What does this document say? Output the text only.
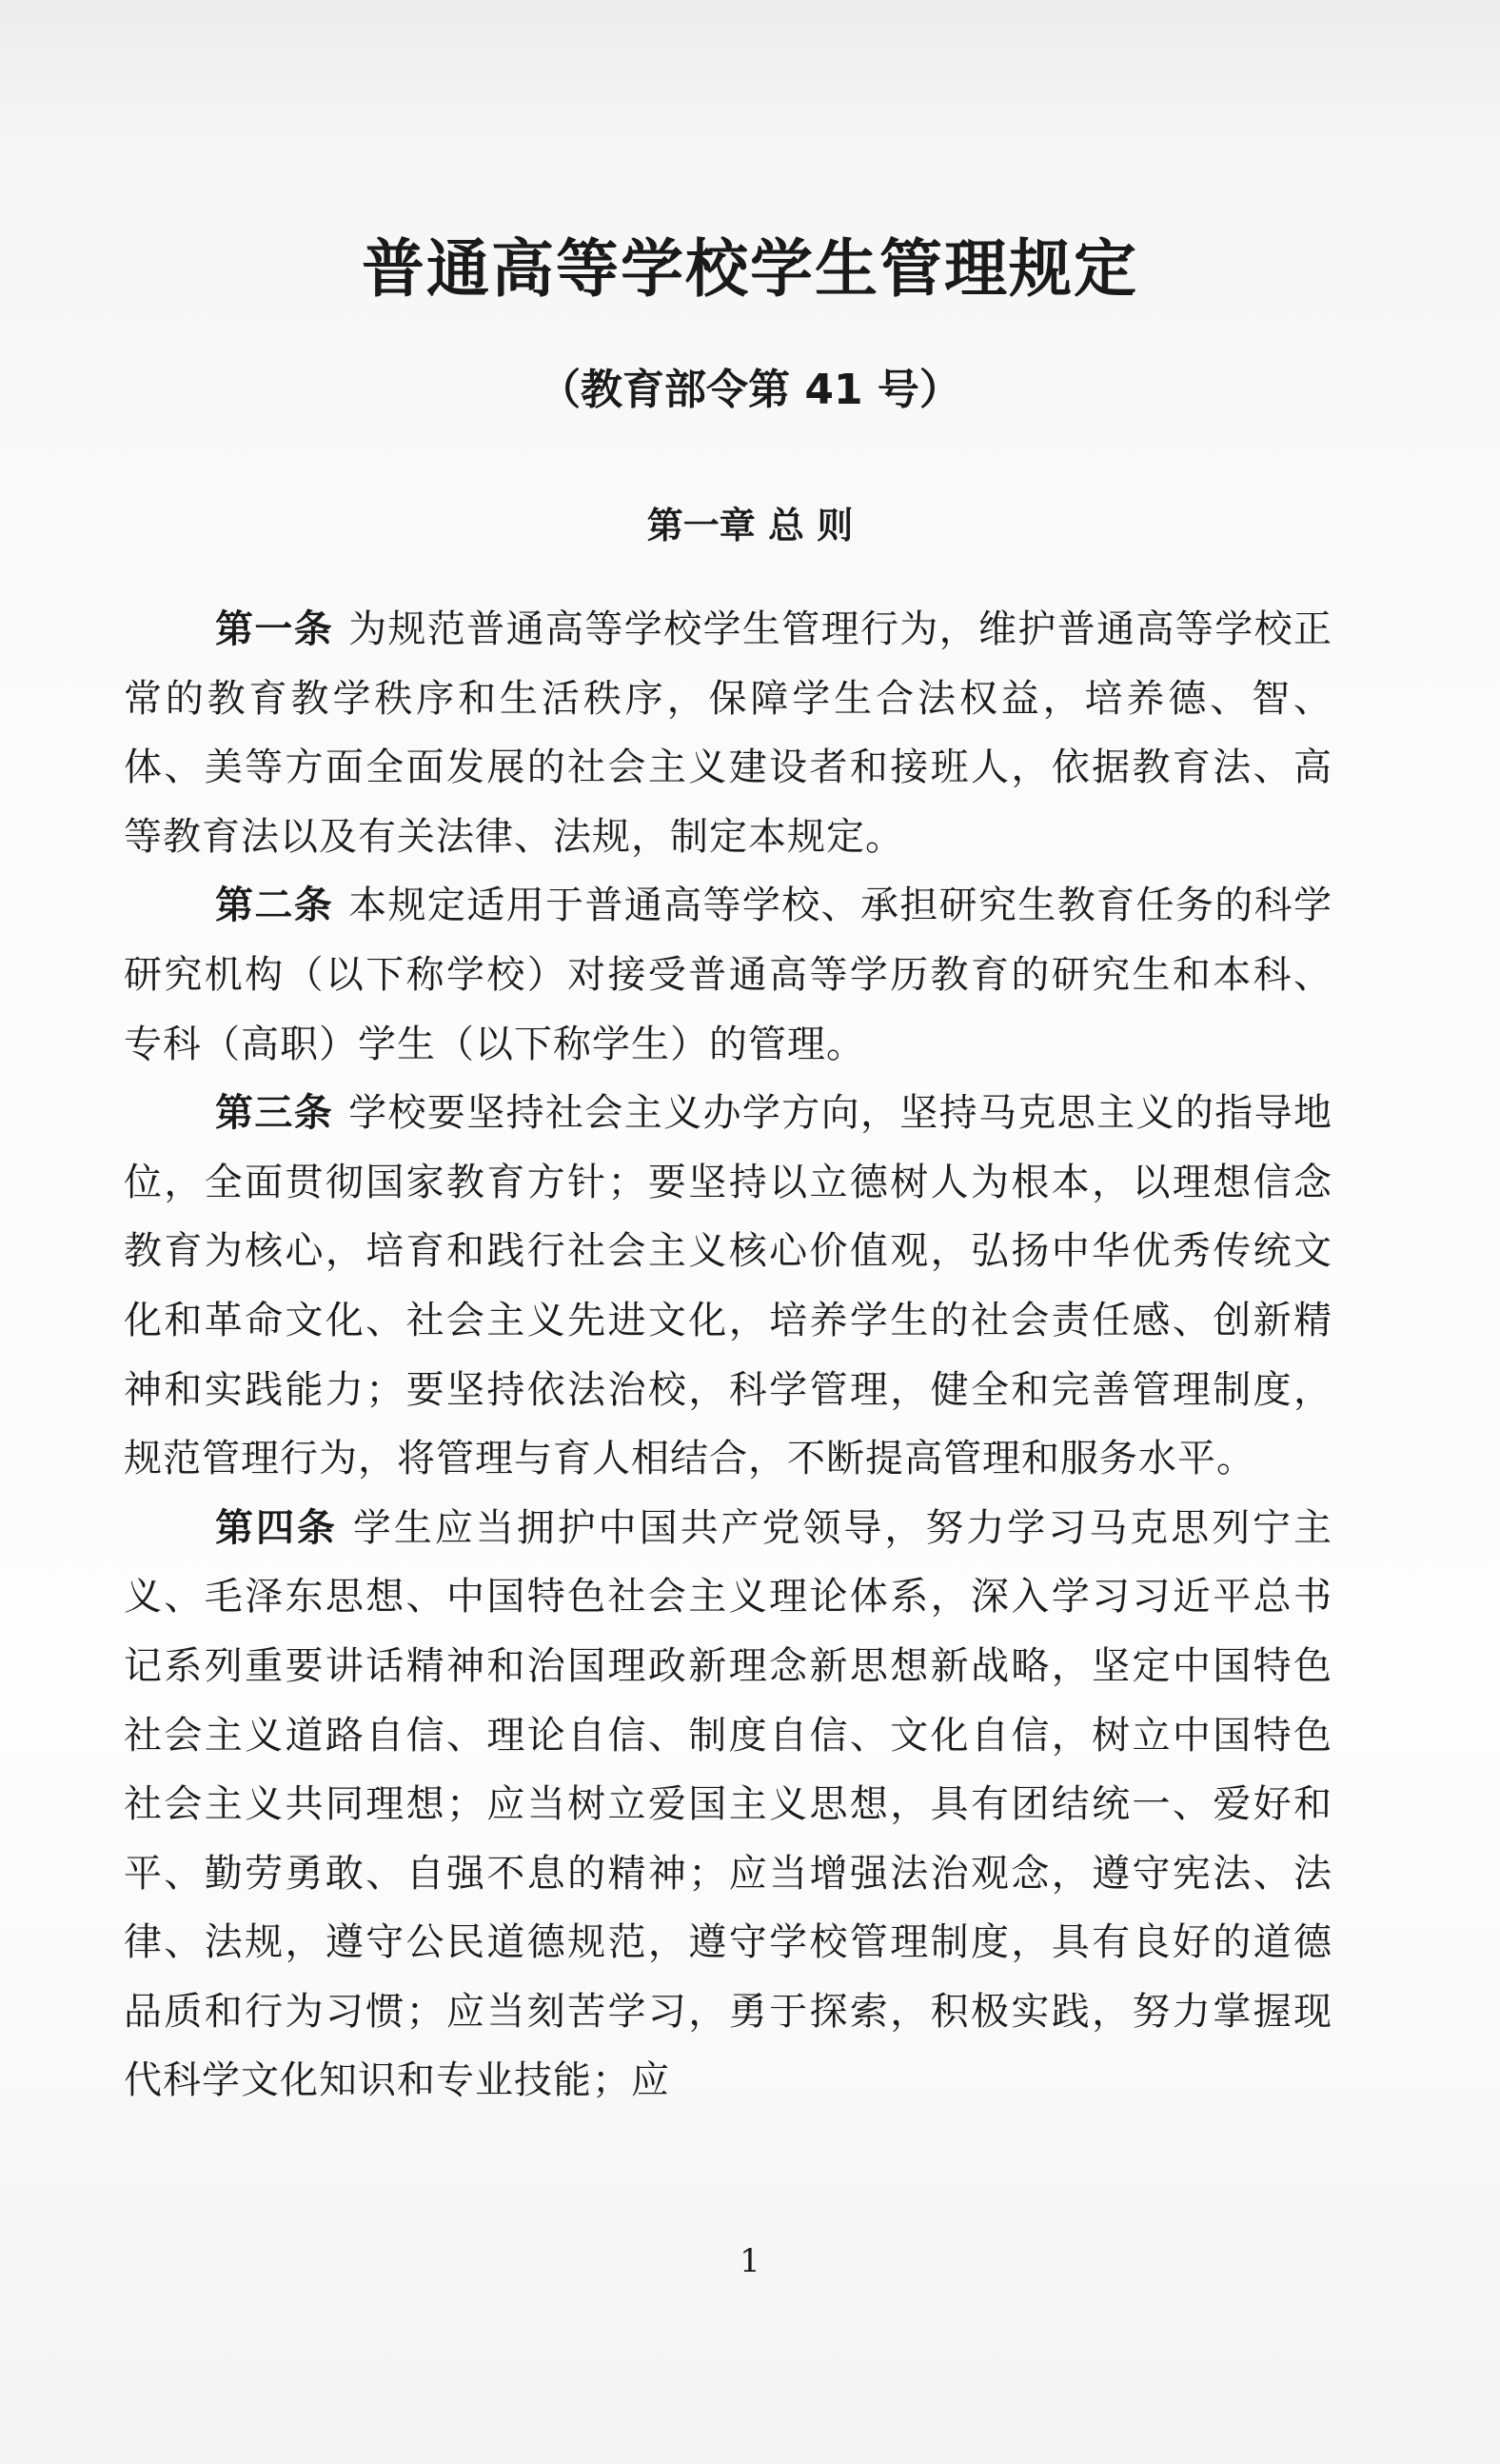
普通高等学校学生管理规定
（教育部令第 41 号）
第一章 总 则

第一条 为规范普通高等学校学生管理行为，维护普通高等学校正常的教育教学秩序和生活秩序，保障学生合法权益，培养德、智、体、美等方面全面发展的社会主义建设者和接班人，依据教育法、高等教育法以及有关法律、法规，制定本规定。

第二条 本规定适用于普通高等学校、承担研究生教育任务的科学研究机构（以下称学校）对接受普通高等学历教育的研究生和本科、专科（高职）学生（以下称学生）的管理。

第三条 学校要坚持社会主义办学方向，坚持马克思主义的指导地位，全面贯彻国家教育方针；要坚持以立德树人为根本，以理想信念教育为核心，培育和践行社会主义核心价值观，弘扬中华优秀传统文化和革命文化、社会主义先进文化，培养学生的社会责任感、创新精神和实践能力；要坚持依法治校，科学管理，健全和完善管理制度，规范管理行为，将管理与育人相结合，不断提高管理和服务水平。

第四条 学生应当拥护中国共产党领导，努力学习马克思列宁主义、毛泽东思想、中国特色社会主义理论体系，深入学习习近平总书记系列重要讲话精神和治国理政新理念新思想新战略，坚定中国特色社会主义道路自信、理论自信、制度自信、文化自信，树立中国特色社会主义共同理想；应当树立爱国主义思想，具有团结统一、爱好和平、勤劳勇敢、自强不息的精神；应当增强法治观念，遵守宪法、法律、法规，遵守公民道德规范，遵守学校管理制度，具有良好的道德品质和行为习惯；应当刻苦学习，勇于探索，积极实践，努力掌握现代科学文化知识和专业技能；应

1
